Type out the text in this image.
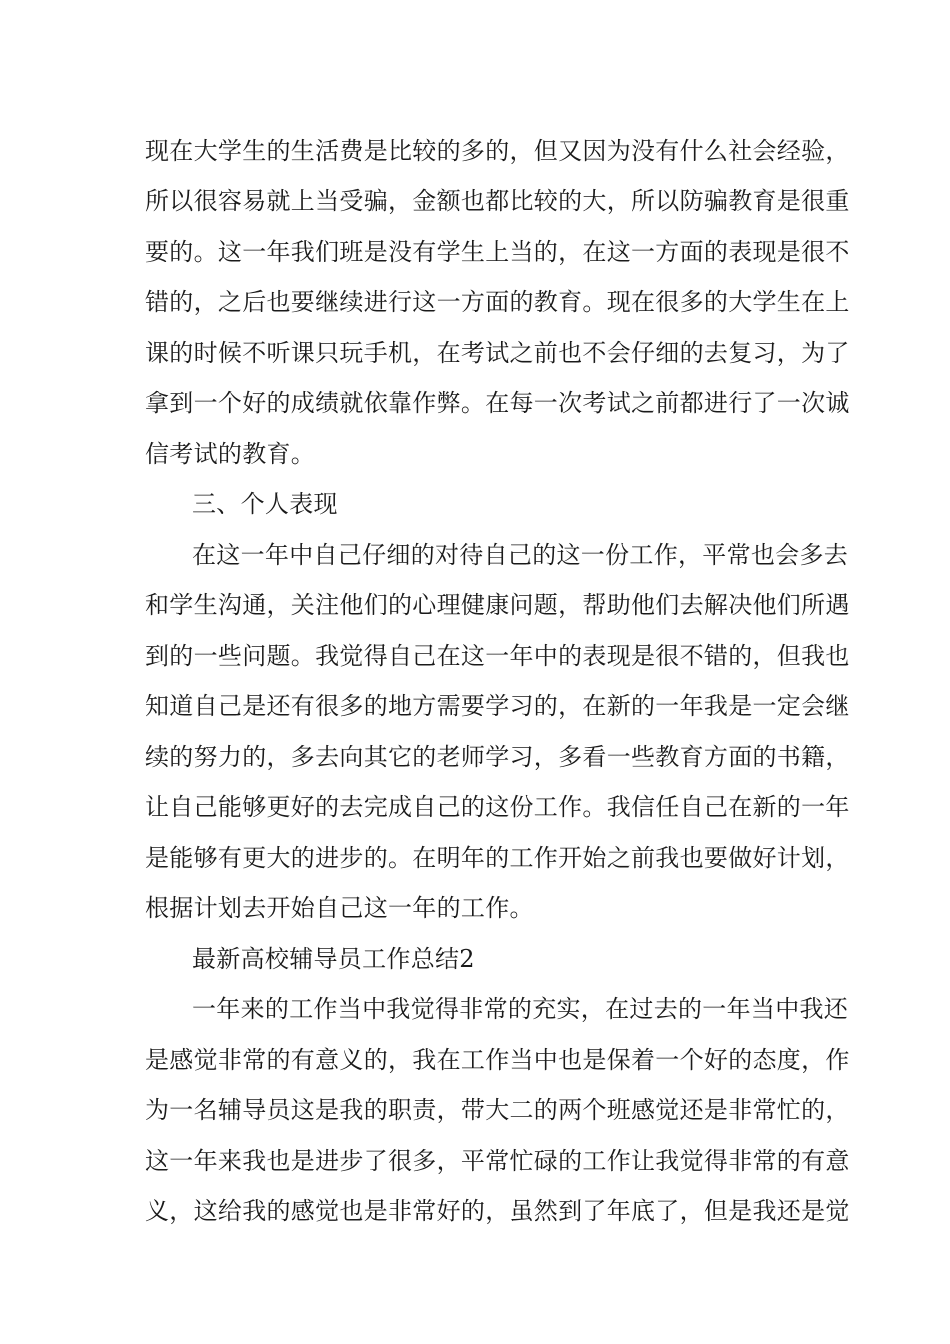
现在大学生的生活费是比较的多的，但又因为没有什么社会经验，
所以很容易就上当受骗，金额也都比较的大，所以防骗教育是很重
要的。这一年我们班是没有学生上当的，在这一方面的表现是很不
错的，之后也要继续进行这一方面的教育。现在很多的大学生在上
课的时候不听课只玩手机，在考试之前也不会仔细的去复习，为了
拿到一个好的成绩就依靠作弊。在每一次考试之前都进行了一次诚
信考试的教育。
三、个人表现
在这一年中自己仔细的对待自己的这一份工作，平常也会多去
和学生沟通，关注他们的心理健康问题，帮助他们去解决他们所遇
到的一些问题。我觉得自己在这一年中的表现是很不错的，但我也
知道自己是还有很多的地方需要学习的，在新的一年我是一定会继
续的努力的，多去向其它的老师学习，多看一些教育方面的书籍，
让自己能够更好的去完成自己的这份工作。我信任自己在新的一年
是能够有更大的进步的。在明年的工作开始之前我也要做好计划，
根据计划去开始自己这一年的工作。
最新高校辅导员工作总结2
一年来的工作当中我觉得非常的充实，在过去的一年当中我还
是感觉非常的有意义的，我在工作当中也是保着一个好的态度，作
为一名辅导员这是我的职责，带大二的两个班感觉还是非常忙的，
这一年来我也是进步了很多，平常忙碌的工作让我觉得非常的有意
义，这给我的感觉也是非常好的，虽然到了年底了，但是我还是觉
